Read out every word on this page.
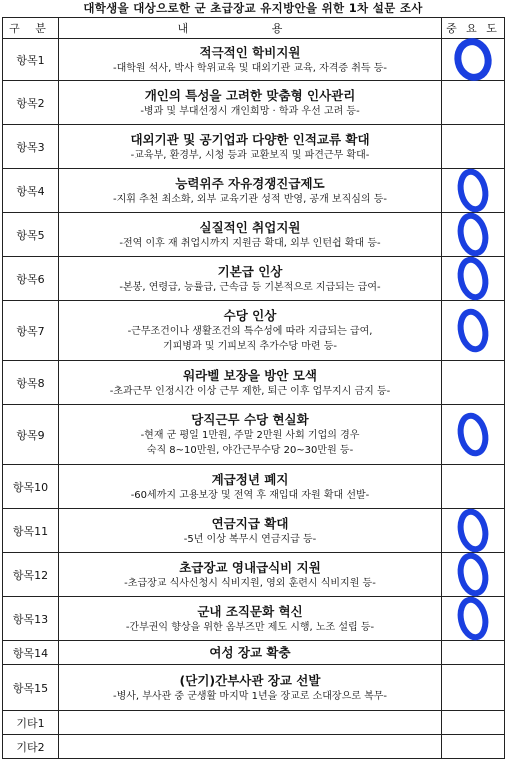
대학생을 대상으로한 군 초급장교 유지방안을 위한 1차 설문 조사
구 분	내 용	중 요 도
항목1	적극적인 학비지원
-대학원 석사, 박사 학위교육 및 대외기관 교육, 자격증 취득 등-	

항목2	개인의 특성을 고려한 맞춤형 인사관리
-병과 및 부대선정시 개인희망 · 학과 우선 고려 등-	

항목3	대외기관 및 공기업과 다양한 인적교류 확대
-교육부, 환경부, 시청 등과 교환보직 및 파견근무 확대-	

항목4	능력위주 자유경쟁진급제도
-지휘 추천 최소화, 외부 교육기관 성적 반영, 공개 보직심의 등-	

항목5	실질적인 취업지원
-전역 이후 재 취업시까지 지원금 확대, 외부 인턴쉽 확대 등-	

항목6	기본급 인상
-본봉, 연령급, 능률급, 근속급 등 기본적으로 지급되는 급여-	

항목7	수당 인상
-근무조건이나 생활조건의 특수성에 따라 지급되는 급여,
기피병과 및 기피보직 추가수당 마련 등-	

항목8	워라벨 보장을 방안 모색
-초과근무 인정시간 이상 근무 제한, 퇴근 이후 업무지시 금지 등-	

항목9	당직근무 수당 현실화
-현재 군 평일 1만원, 주말 2만원 사회 기업의 경우
숙직 8~10만원, 야간근무수당 20~30만원 등-	

항목10	계급정년 폐지
-60세까지 고용보장 및 전역 후 재입대 자원 확대 선발-	

항목11	연금지급 확대
-5년 이상 복무시 연금지급 등-	

항목12	초급장교 영내급식비 지원
-초급장교 식사신청시 식비지원, 영외 훈련시 식비지원 등-	

항목13	군내 조직문화 혁신
-간부권익 향상을 위한 옴부즈만 제도 시행, 노조 설립 등-	

항목14	여성 장교 확충	

항목15	(단기)간부사관 장교 선발
-병사, 부사관 중 군생활 마지막 1년을 장교로 소대장으로 복무-	

기타1	

기타2	
